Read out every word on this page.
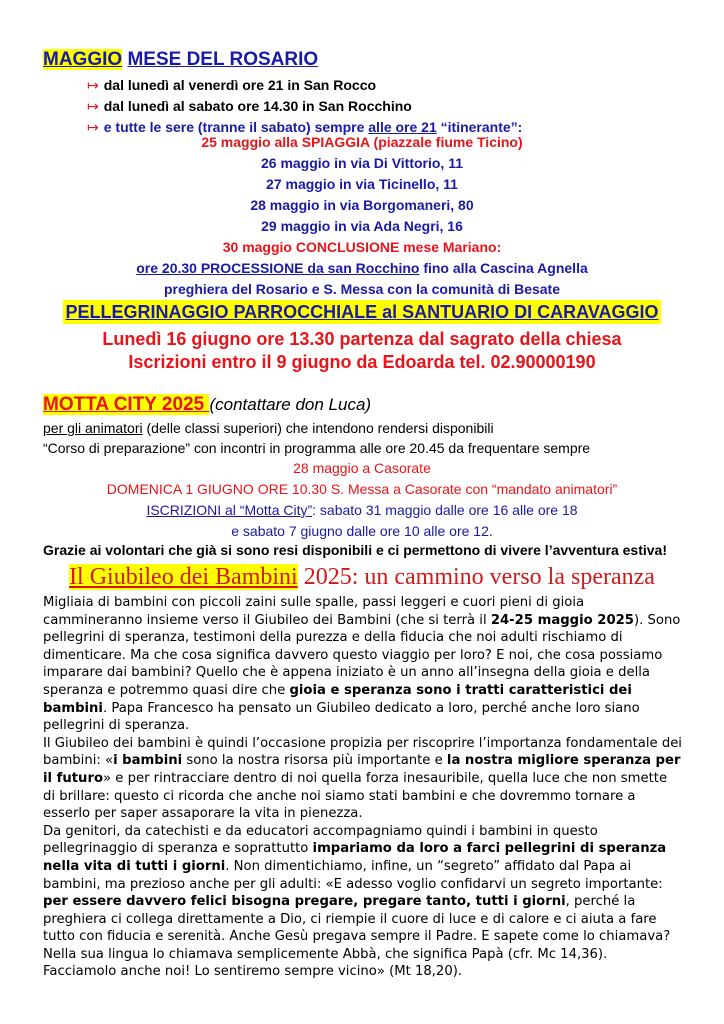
MAGGIO MESE DEL ROSARIO
↦ dal lunedì al venerdì ore 21 in San Rocco
↦ dal lunedì al sabato ore 14.30 in San Rocchino
↦ e tutte le sere (tranne il sabato) sempre alle ore 21 “itinerante”:
25 maggio alla SPIAGGIA (piazzale fiume Ticino)
26 maggio in via Di Vittorio, 11
27 maggio in via Ticinello, 11
28 maggio in via Borgomaneri, 80
29 maggio in via Ada Negri, 16
30 maggio CONCLUSIONE mese Mariano:
ore 20.30 PROCESSIONE da san Rocchino fino alla Cascina Agnella
preghiera del Rosario e S. Messa con la comunità di Besate
PELLEGRINAGGIO PARROCCHIALE al SANTUARIO DI CARAVAGGIO
Lunedì 16 giugno ore 13.30 partenza dal sagrato della chiesa
Iscrizioni entro il 9 giugno da Edoarda tel. 02.90000190
MOTTA CITY 2025 (contattare don Luca)
per gli animatori (delle classi superiori) che intendono rendersi disponibili
“Corso di preparazione” con incontri in programma alle ore 20.45 da frequentare sempre
28 maggio a Casorate
DOMENICA 1 GIUGNO ORE 10.30 S. Messa a Casorate con “mandato animatori”
ISCRIZIONI al “Motta City”: sabato 31 maggio dalle ore 16 alle ore 18
e sabato 7 giugno dalle ore 10 alle ore 12.
Grazie ai volontari che già si sono resi disponibili e ci permettono di vivere l’avventura estiva!
Il Giubileo dei Bambini 2025: un cammino verso la speranza

Migliaia di bambini con piccoli zaini sulle spalle, passi leggeri e cuori pieni di gioia cammineranno insieme verso il Giubileo dei Bambini (che si terrà il 24-25 maggio 2025). Sono pellegrini di speranza, testimoni della purezza e della fiducia che noi adulti rischiamo di dimenticare. Ma che cosa significa davvero questo viaggio per loro? E noi, che cosa possiamo imparare dai bambini? Quello che è appena iniziato è un anno all’insegna della gioia e della speranza e potremmo quasi dire che gioia e speranza sono i tratti caratteristici dei bambini. Papa Francesco ha pensato un Giubileo dedicato a loro, perché anche loro siano pellegrini di speranza.

Il Giubileo dei bambini è quindi l’occasione propizia per riscoprire l’importanza fondamentale dei bambini: «i bambini sono la nostra risorsa più importante e la nostra migliore speranza per il futuro» e per rintracciare dentro di noi quella forza inesauribile, quella luce che non smette di brillare: questo ci ricorda che anche noi siamo stati bambini e che dovremmo tornare a esserlo per saper assaporare la vita in pienezza.

Da genitori, da catechisti e da educatori accompagniamo quindi i bambini in questo pellegrinaggio di speranza e soprattutto impariamo da loro a farci pellegrini di speranza nella vita di tutti i giorni. Non dimentichiamo, infine, un “segreto” affidato dal Papa ai bambini, ma prezioso anche per gli adulti: «E adesso voglio confidarvi un segreto importante: per essere davvero felici bisogna pregare, pregare tanto, tutti i giorni, perché la preghiera ci collega direttamente a Dio, ci riempie il cuore di luce e di calore e ci aiuta a fare tutto con fiducia e serenità. Anche Gesù pregava sempre il Padre. E sapete come lo chiamava? Nella sua lingua lo chiamava semplicemente Abbà, che significa Papà (cfr. Mc 14,36). Facciamolo anche noi! Lo sentiremo sempre vicino» (Mt 18,20).
